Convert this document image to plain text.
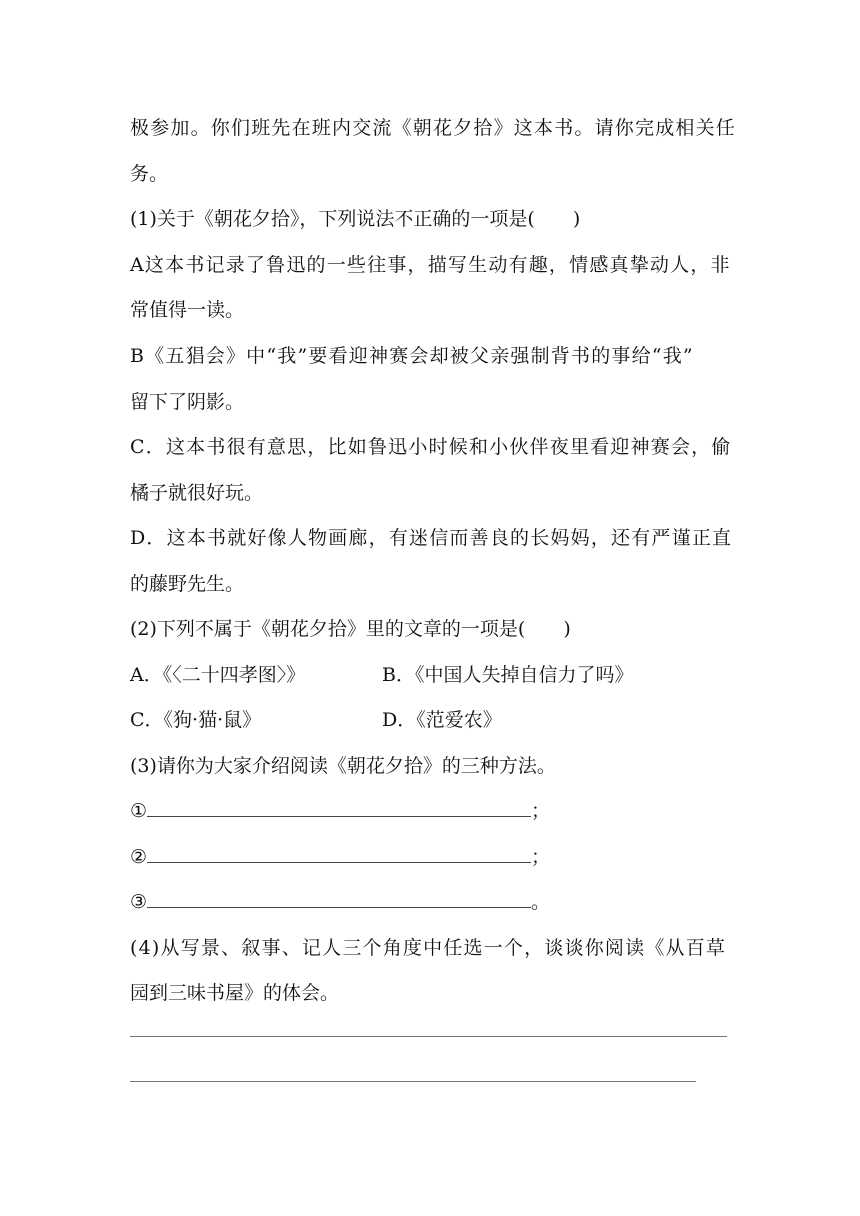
极参加。你们班先在班内交流《朝花夕拾》这本书。请你完成相关任
务。
(1)关于《朝花夕拾》，下列说法不正确的一项是(　　)
A这本书记录了鲁迅的一些往事，描写生动有趣，情感真挚动人，非
常值得一读。
B《五猖会》中“我”要看迎神赛会却被父亲强制背书的事给“我”
留下了阴影。
C．这本书很有意思，比如鲁迅小时候和小伙伴夜里看迎神赛会，偷
橘子就很好玩。
D．这本书就好像人物画廊，有迷信而善良的长妈妈，还有严谨正直
的藤野先生。
(2)下列不属于《朝花夕拾》里的文章的一项是(　　)
A．《〈二十四孝图〉》	B．《中国人失掉自信力了吗》
C．《狗·猫·鼠》	D．《范爱农》
(3)请你为大家介绍阅读《朝花夕拾》的三种方法。
①	；
②	；
③	。
(4)从写景、叙事、记人三个角度中任选一个，谈谈你阅读《从百草
园到三味书屋》的体会。
